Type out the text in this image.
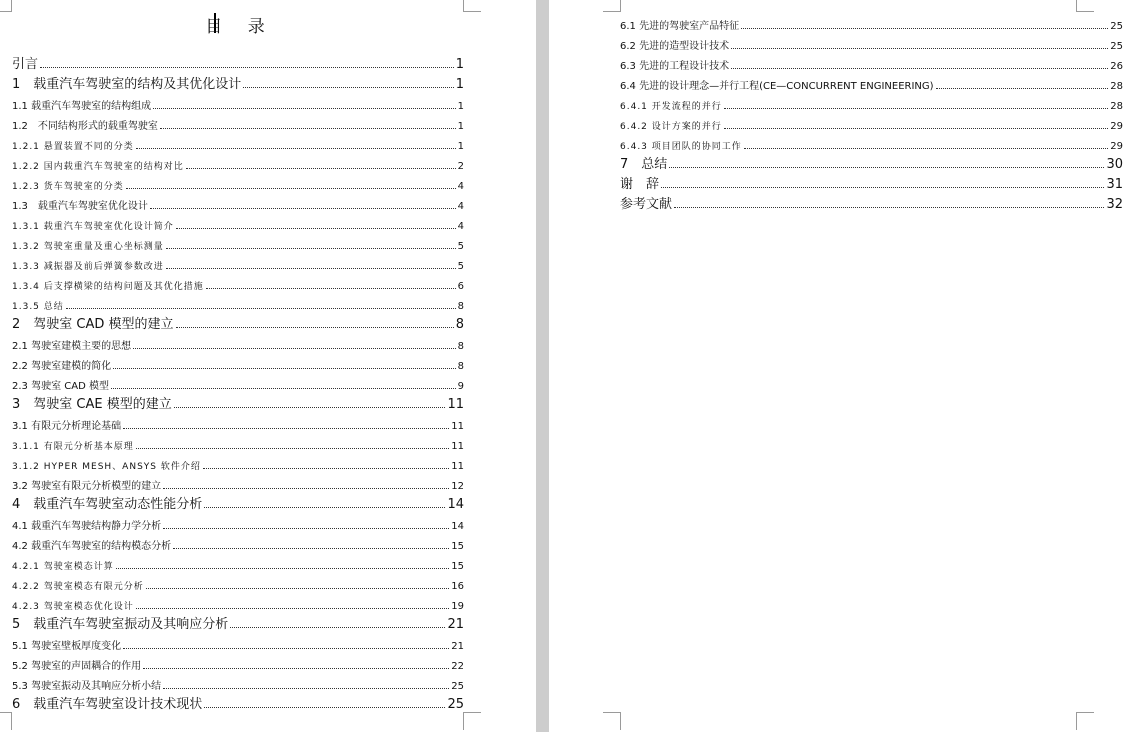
目 录
引言	1
1　载重汽车驾驶室的结构及其优化设计	1
1.1 载重汽车驾驶室的结构组成	1
1.2　不同结构形式的载重驾驶室	1
1.2.1 悬置装置不同的分类	1
1.2.2 国内载重汽车驾驶室的结构对比	2
1.2.3 货车驾驶室的分类	4
1.3　载重汽车驾驶室优化设计	4
1.3.1 载重汽车驾驶室优化设计简介	4
1.3.2 驾驶室重量及重心坐标测量	5
1.3.3 减振器及前后弹簧参数改进	5
1.3.4 后支撑横梁的结构问题及其优化措施	6
1.3.5 总结	8
2　驾驶室 CAD 模型的建立	8
2.1 驾驶室建模主要的思想	8
2.2 驾驶室建模的简化	8
2.3 驾驶室 CAD 模型	9
3　驾驶室 CAE 模型的建立	11
3.1 有限元分析理论基础	11
3.1.1 有限元分析基本原理	11
3.1.2 HYPER MESH、ANSYS 软件介绍	11
3.2 驾驶室有限元分析模型的建立	12
4　载重汽车驾驶室动态性能分析	14
4.1 载重汽车驾驶结构静力学分析	14
4.2 载重汽车驾驶室的结构模态分析	15
4.2.1 驾驶室模态计算	15
4.2.2 驾驶室模态有限元分析	16
4.2.3 驾驶室模态优化设计	19
5　载重汽车驾驶室振动及其响应分析	21
5.1 驾驶室壁板厚度变化	21
5.2 驾驶室的声固耦合的作用	22
5.3 驾驶室振动及其响应分析小结	25
6　载重汽车驾驶室设计技术现状	25
6.1 先进的驾驶室产品特征	25
6.2 先进的造型设计技术	25
6.3 先进的工程设计技术	26
6.4 先进的设计理念—并行工程(CE—CONCURRENT ENGINEERING)	28
6.4.1 开发流程的并行	28
6.4.2 设计方案的并行	29
6.4.3 项目团队的协同工作	29
7　总结	30
谢　辞	31
参考文献	32
